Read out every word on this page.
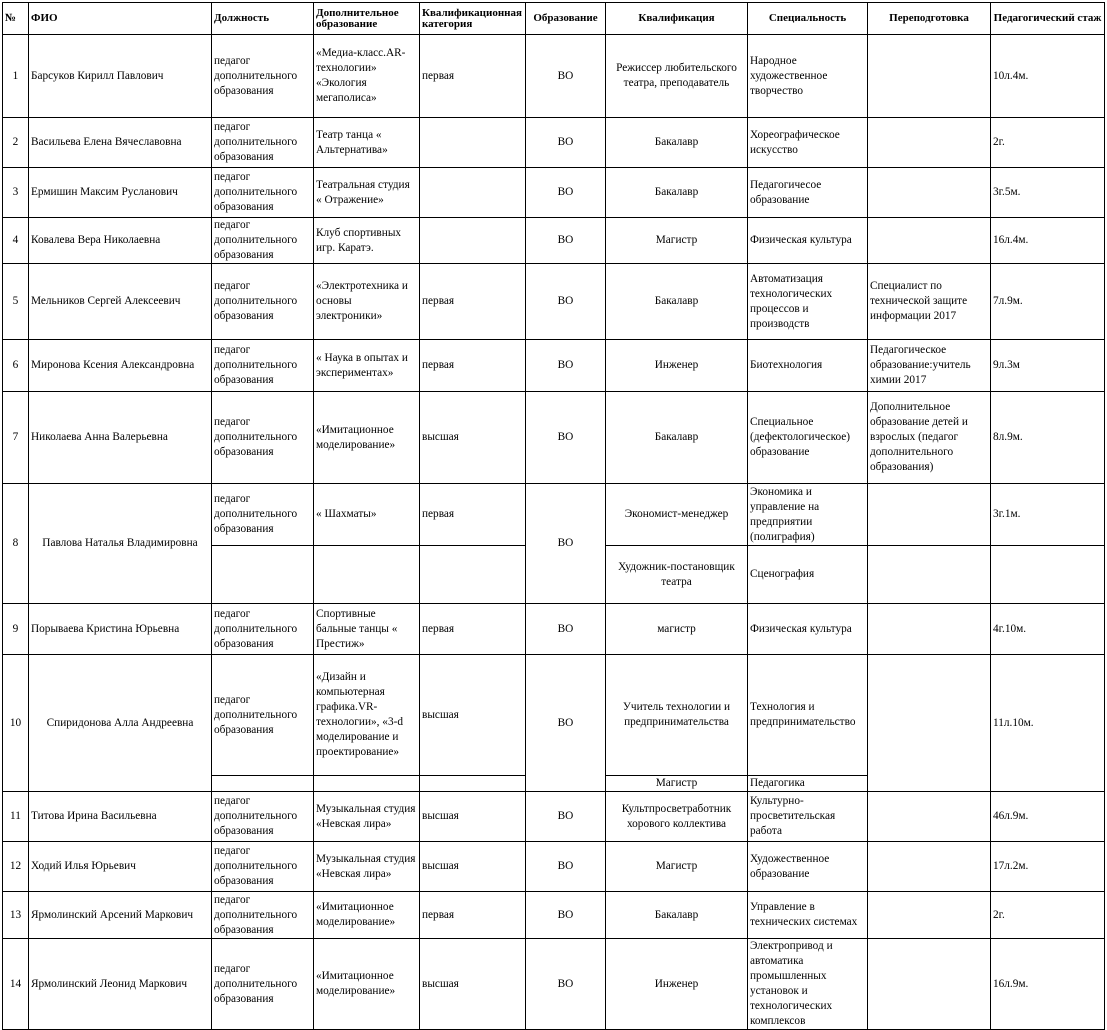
№	ФИО	Должность	Дополнительное образование	Квалификационная категория	Образование	Квалификация	Специальность	Переподготовка	Педагогический стаж
1	Барсуков Кирилл Павлович	педагог дополнительного образования	«Медиа-класс.AR-технологии» «Экология мегаполиса»	первая	ВО	Режиссер любительского театра, преподаватель	Народное художественное творчество		10л.4м.
2	Васильева Елена Вячеславовна	педагог дополнительного образования	Театр танца « Альтернатива»		ВО	Бакалавр	Хореографическое искусство		2г.
3	Ермишин Максим Русланович	педагог дополнительного образования	Театральная студия « Отражение»		ВО	Бакалавр	Педагогичесое образование		3г.5м.
4	Ковалева Вера Николаевна	педагог дополнительного образования	Клуб спортивных игр. Каратэ.		ВО	Магистр	Физическая культура		16л.4м.
5	Мельников Сергей Алексеевич	педагог дополнительного образования	«Электротехника и основы электроники»	первая	ВО	Бакалавр	Автоматизация технологических процессов и производств	Специалист по технической защите информации 2017	7л.9м.
6	Миронова Ксения Александровна	педагог дополнительного образования	« Наука в опытах и экспериментах»	первая	ВО	Инженер	Биотехнология	Педагогическое образование:учитель химии 2017	9л.3м
7	Николаева Анна Валерьевна	педагог дополнительного образования	«Имитационное моделирование»	высшая	ВО	Бакалавр	Специальное (дефектологическое) образование	Дополнительное образование детей и взрослых (педагог дополнительного образования)	8л.9м.
8	Павлова Наталья Владимировна	педагог дополнительного образования	« Шахматы»	первая	ВО	Экономист-менеджер	Экономика и управление на предприятии (полиграфия)		3г.1м.
						Художник-постановщик театра	Сценография		
9	Порываева Кристина Юрьевна	педагог дополнительного образования	Спортивные бальные танцы « Престиж»	первая	ВО	магистр	Физическая культура		4г.10м.
10	Спиридонова Алла Андреевна	педагог дополнительного образования	«Дизайн и компьютерная графика.VR-технологии», «3-d моделирование и проектирование»	высшая	ВО	Учитель технологии и предпринимательства	Технология и предпринимательство		11л.10м.
						Магистр	Педагогика		
11	Титова Ирина Васильевна	педагог дополнительного образования	Музыкальная студия «Невская лира»	высшая	ВО	Культпросветработник хорового коллектива	Культурно-просветительская работа		46л.9м.
12	Ходий Илья Юрьевич	педагог дополнительного образования	Музыкальная студия «Невская лира»	высшая	ВО	Магистр	Художественное образование		17л.2м.
13	Ярмолинский Арсений Маркович	педагог дополнительного образования	«Имитационное моделирование»	первая	ВО	Бакалавр	Управление в технических системах		2г.
14	Ярмолинский Леонид Маркович	педагог дополнительного образования	«Имитационное моделирование»	высшая	ВО	Инженер	Электропривод и автоматика промышленных установок и технологических комплексов		16л.9м.
